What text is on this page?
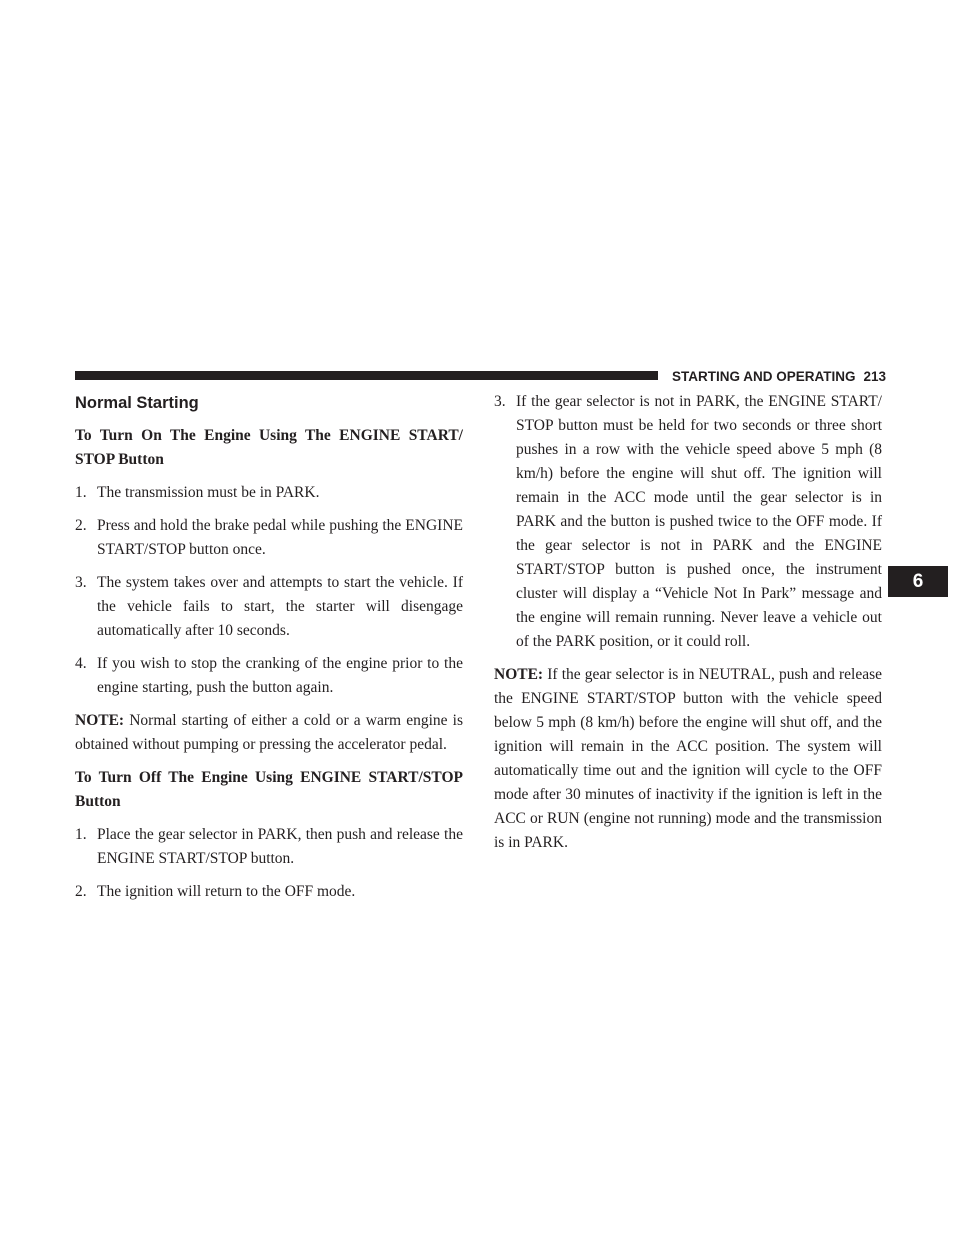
STARTING AND OPERATING 213
6
Normal Starting
To Turn On The Engine Using The ENGINE START/ STOP Button
1. The transmission must be in PARK.
2. Press and hold the brake pedal while pushing the ENGINE START/STOP button once.
3. The system takes over and attempts to start the vehicle. If the vehicle fails to start, the starter will disengage automatically after 10 seconds.
4. If you wish to stop the cranking of the engine prior to the engine starting, push the button again.
NOTE: Normal starting of either a cold or a warm engine is obtained without pumping or pressing the accelerator pedal.
To Turn Off The Engine Using ENGINE START/STOP Button
1. Place the gear selector in PARK, then push and release the ENGINE START/STOP button.
2. The ignition will return to the OFF mode.
3. If the gear selector is not in PARK, the ENGINE START/ STOP button must be held for two seconds or three short pushes in a row with the vehicle speed above 5 mph (8 km/h) before the engine will shut off. The ignition will remain in the ACC mode until the gear selector is in PARK and the button is pushed twice to the OFF mode. If the gear selector is not in PARK and the ENGINE START/STOP button is pushed once, the instrument cluster will display a “Vehicle Not In Park” message and the engine will remain running. Never leave a vehicle out of the PARK position, or it could roll.
NOTE: If the gear selector is in NEUTRAL, push and release the ENGINE START/STOP button with the vehicle speed below 5 mph (8 km/h) before the engine will shut off, and the ignition will remain in the ACC position. The system will automatically time out and the ignition will cycle to the OFF mode after 30 minutes of inactivity if the ignition is left in the ACC or RUN (engine not running) mode and the transmission is in PARK.
